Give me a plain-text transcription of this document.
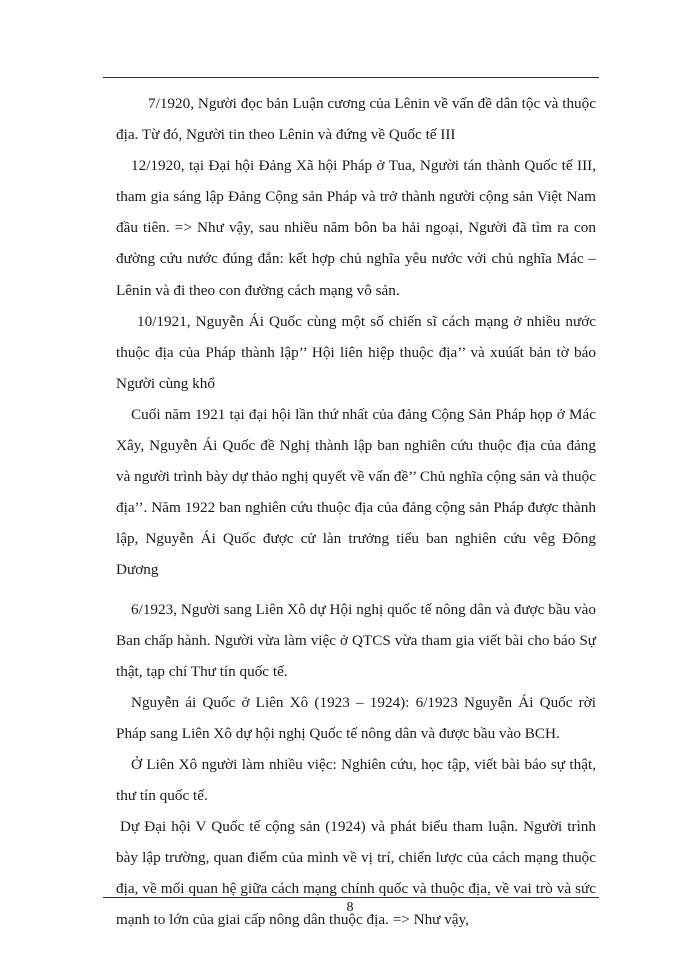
7/1920, Người đọc bản Luận cương của Lênin về vấn đề dân tộc và thuộc địa. Từ đó, Người tin theo Lênin và đứng về Quốc tế III

12/1920, tại Đại hội Đảng Xã hội Pháp ở Tua, Người tán thành Quốc tế III, tham gia sáng lập Đảng Cộng sản Pháp và trở thành người cộng sản Việt Nam đầu tiên. => Như vậy, sau nhiều năm bôn ba hải ngoại, Người đã tìm ra con đường cứu nước đúng đắn: kết hợp chủ nghĩa yêu nước với chủ nghĩa Mác – Lênin và đi theo con đường cách mạng vô sản.

10/1921, Nguyễn Ái Quốc cùng một số chiến sĩ cách mạng ở nhiều nước thuộc địa của Pháp thành lập’’ Hội liên hiệp thuộc địa’’ và xuúất bản tờ báo Người cùng khổ

Cuối năm 1921 tại đại hội lần thứ nhất của đảng Cộng Sản Pháp họp ở Mác Xây, Nguyễn Ái Quốc đề Nghị thành lập ban nghiên cứu thuộc địa của đảng và người trình bày dự thảo nghị quyết về vấn đề’’ Chủ nghĩa cộng sản và thuộc địa’’. Năm 1922 ban nghiên cứu thuộc địa của đảng cộng sản Pháp được thành lập, Nguyễn Ái Quốc được cử làn trưởng tiểu ban nghiên cứu vêg Đông Dương

6/1923, Người sang Liên Xô dự Hội nghị quốc tế nông dân và được bầu vào Ban chấp hành. Người vừa làm việc ở QTCS vừa tham gia viết bài cho báo Sự thật, tạp chí Thư tín quốc tế.

Nguyễn ái Quốc ở Liên Xô (1923 – 1924): 6/1923 Nguyễn Ái Quốc rời Pháp sang Liên Xô dự hội nghị Quốc tế nông dân và được bầu vào BCH.

Ở Liên Xô người làm nhiều việc: Nghiên cứu, học tập, viết bài báo sự thật, thư tín quốc tế.

Dự Đại hội V Quốc tế cộng sản (1924) và phát biểu tham luận. Người trình bày lập trường, quan điểm của mình về vị trí, chiến lược của cách mạng thuộc địa, về mối quan hệ giữa cách mạng chính quốc và thuộc địa, về vai trò và sức mạnh to lớn của giai cấp nông dân thuộc địa. => Như vậy,

8
